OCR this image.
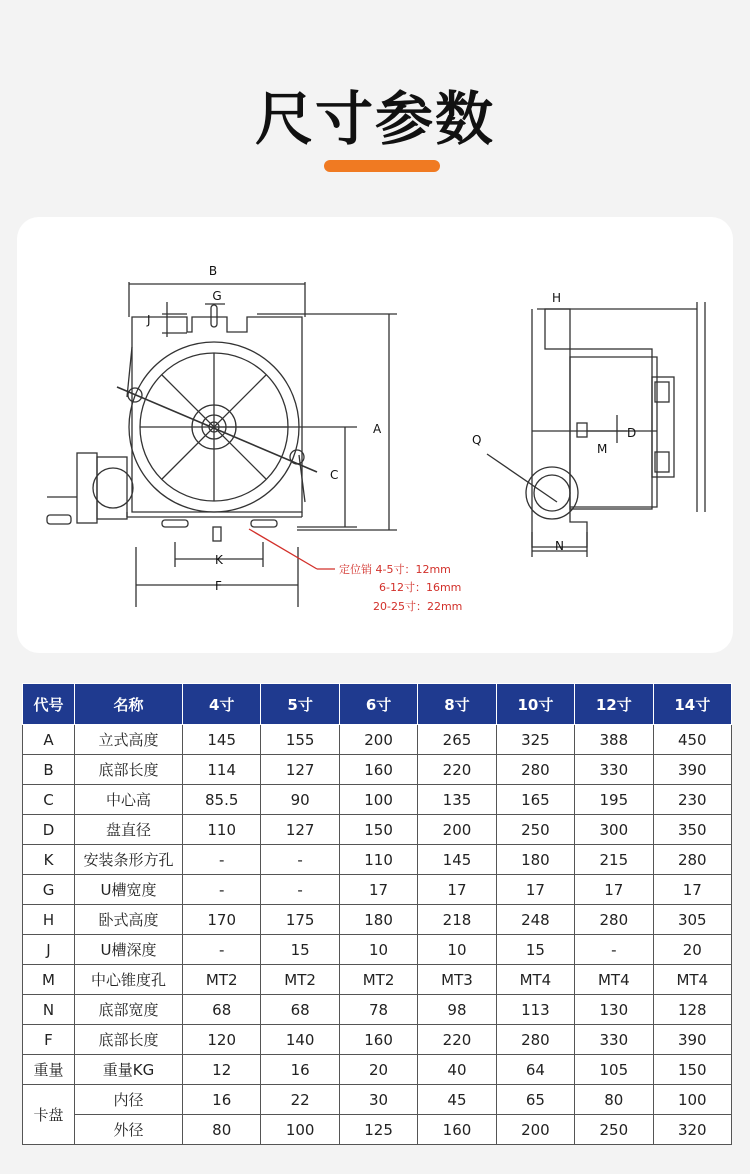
尺寸参数
B
G
J
A
C
K
F
H
Q	D
M
N
定位销 4-5寸：12mm
6-12寸：16mm
20-25寸：22mm
代号	名称	4寸	5寸	6寸	8寸	10寸	12寸	14寸
A	立式高度	145	155	200	265	325	388	450
B	底部长度	114	127	160	220	280	330	390
C	中心高	85.5	90	100	135	165	195	230
D	盘直径	110	127	150	200	250	300	350
K	安装条形方孔	-	-	110	145	180	215	280
G	U槽宽度	-	-	17	17	17	17	17
H	卧式高度	170	175	180	218	248	280	305
J	U槽深度	-	15	10	10	15	-	20
M	中心锥度孔	MT2	MT2	MT2	MT3	MT4	MT4	MT4
N	底部宽度	68	68	78	98	113	130	128
F	底部长度	120	140	160	220	280	330	390
重量	重量KG	12	16	20	40	64	105	150
卡盘	内径	16	22	30	45	65	80	100
	外径	80	100	125	160	200	250	320
